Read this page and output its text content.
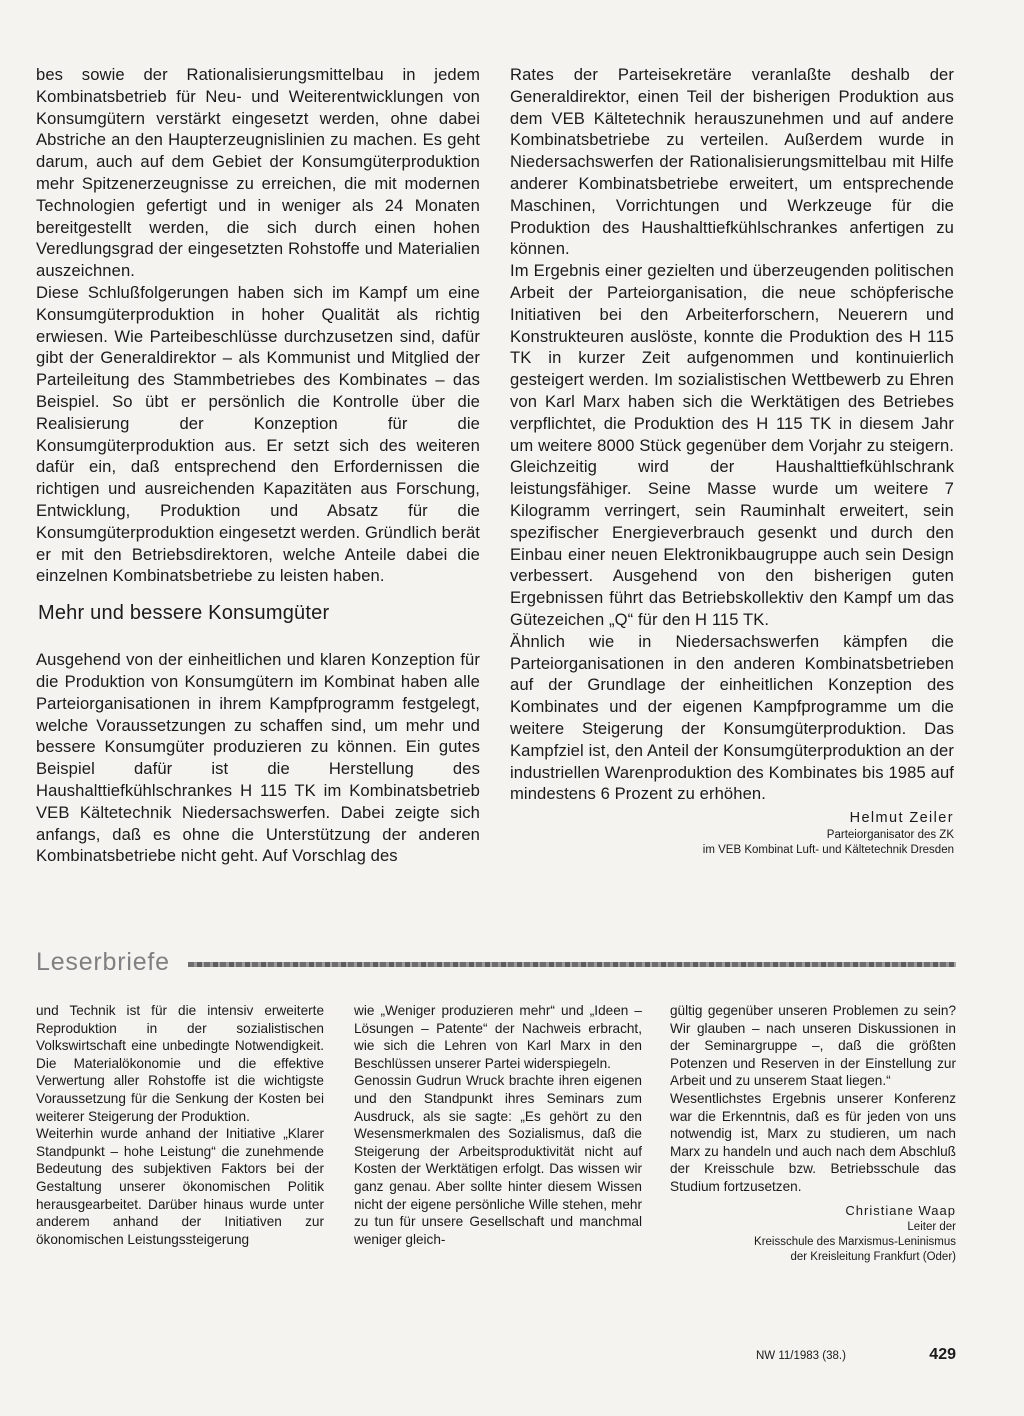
bes sowie der Rationalisierungsmittelbau in jedem Kombinatsbetrieb für Neu- und Weiterentwicklungen von Konsumgütern verstärkt eingesetzt werden, ohne dabei Abstriche an den Haupterzeugnislinien zu machen. Es geht darum, auch auf dem Gebiet der Konsumgüterproduktion mehr Spitzenerzeugnisse zu erreichen, die mit modernen Technologien gefertigt und in weniger als 24 Monaten bereitgestellt werden, die sich durch einen hohen Veredlungsgrad der eingesetzten Rohstoffe und Materialien auszeichnen.

Diese Schlußfolgerungen haben sich im Kampf um eine Konsumgüterproduktion in hoher Qualität als richtig erwiesen. Wie Parteibeschlüsse durchzusetzen sind, dafür gibt der Generaldirektor – als Kommunist und Mitglied der Parteileitung des Stammbetriebes des Kombinates – das Beispiel. So übt er persönlich die Kontrolle über die Realisierung der Konzeption für die Konsumgüterproduktion aus. Er setzt sich des weiteren dafür ein, daß entsprechend den Erfordernissen die richtigen und ausreichenden Kapazitäten aus Forschung, Entwicklung, Produktion und Absatz für die Konsumgüterproduktion eingesetzt werden. Gründlich berät er mit den Betriebsdirektoren, welche Anteile dabei die einzelnen Kombinatsbetriebe zu leisten haben.

Mehr und bessere Konsumgüter

Ausgehend von der einheitlichen und klaren Konzeption für die Produktion von Konsumgütern im Kombinat haben alle Parteiorganisationen in ihrem Kampfprogramm festgelegt, welche Voraussetzungen zu schaffen sind, um mehr und bessere Konsumgüter produzieren zu können. Ein gutes Beispiel dafür ist die Herstellung des Haushalttiefkühlschrankes H 115 TK im Kombinatsbetrieb VEB Kältetechnik Niedersachswerfen. Dabei zeigte sich anfangs, daß es ohne die Unterstützung der anderen Kombinatsbetriebe nicht geht. Auf Vorschlag des

Rates der Parteisekretäre veranlaßte deshalb der Generaldirektor, einen Teil der bisherigen Produktion aus dem VEB Kältetechnik herauszunehmen und auf andere Kombinatsbetriebe zu verteilen. Außerdem wurde in Niedersachswerfen der Rationalisierungsmittelbau mit Hilfe anderer Kombinatsbetriebe erweitert, um entsprechende Maschinen, Vorrichtungen und Werkzeuge für die Produktion des Haushalttiefkühlschrankes anfertigen zu können.

Im Ergebnis einer gezielten und überzeugenden politischen Arbeit der Parteiorganisation, die neue schöpferische Initiativen bei den Arbeiterforschern, Neuerern und Konstrukteuren auslöste, konnte die Produktion des H 115 TK in kurzer Zeit aufgenommen und kontinuierlich gesteigert werden. Im sozialistischen Wettbewerb zu Ehren von Karl Marx haben sich die Werktätigen des Betriebes verpflichtet, die Produktion des H 115 TK in diesem Jahr um weitere 8000 Stück gegenüber dem Vorjahr zu steigern. Gleichzeitig wird der Haushalttiefkühlschrank leistungsfähiger. Seine Masse wurde um weitere 7 Kilogramm verringert, sein Rauminhalt erweitert, sein spezifischer Energieverbrauch gesenkt und durch den Einbau einer neuen Elektronikbaugruppe auch sein Design verbessert. Ausgehend von den bisherigen guten Ergebnissen führt das Betriebskollektiv den Kampf um das Gütezeichen „Q“ für den H 115 TK.

Ähnlich wie in Niedersachswerfen kämpfen die Parteiorganisationen in den anderen Kombinatsbetrieben auf der Grundlage der einheitlichen Konzeption des Kombinates und der eigenen Kampfprogramme um die weitere Steigerung der Konsumgüterproduktion. Das Kampfziel ist, den Anteil der Konsumgüterproduktion an der industriellen Warenproduktion des Kombinates bis 1985 auf mindestens 6 Prozent zu erhöhen.

Helmut Zeiler
Parteiorganisator des ZK
im VEB Kombinat Luft- und Kältetechnik Dresden
Leserbriefe

und Technik ist für die intensiv erweiterte Reproduktion in der sozialistischen Volkswirtschaft eine unbedingte Notwendigkeit. Die Materialökonomie und die effektive Verwertung aller Rohstoffe ist die wichtigste Voraussetzung für die Senkung der Kosten bei weiterer Steigerung der Produktion.

Weiterhin wurde anhand der Initiative „Klarer Standpunkt – hohe Leistung“ die zunehmende Bedeutung des subjektiven Faktors bei der Gestaltung unserer ökonomischen Politik herausgearbeitet. Darüber hinaus wurde unter anderem anhand der Initiativen zur ökonomischen Leistungssteigerung

wie „Weniger produzieren mehr“ und „Ideen – Lösungen – Patente“ der Nachweis erbracht, wie sich die Lehren von Karl Marx in den Beschlüssen unserer Partei widerspiegeln.

Genossin Gudrun Wruck brachte ihren eigenen und den Standpunkt ihres Seminars zum Ausdruck, als sie sagte: „Es gehört zu den Wesensmerkmalen des Sozialismus, daß die Steigerung der Arbeitsproduktivität nicht auf Kosten der Werktätigen erfolgt. Das wissen wir ganz genau. Aber sollte hinter diesem Wissen nicht der eigene persönliche Wille stehen, mehr zu tun für unsere Gesellschaft und manchmal weniger gleich-

gültig gegenüber unseren Problemen zu sein? Wir glauben – nach unseren Diskussionen in der Seminargruppe –, daß die größten Potenzen und Reserven in der Einstellung zur Arbeit und zu unserem Staat liegen.“

Wesentlichstes Ergebnis unserer Konferenz war die Erkenntnis, daß es für jeden von uns notwendig ist, Marx zu studieren, um nach Marx zu handeln und auch nach dem Abschluß der Kreisschule bzw. Betriebsschule das Studium fortzusetzen.

Christiane Waap
Leiter der
Kreisschule des Marxismus-Leninismus
der Kreisleitung Frankfurt (Oder)
NW 11/1983 (38.)	429
